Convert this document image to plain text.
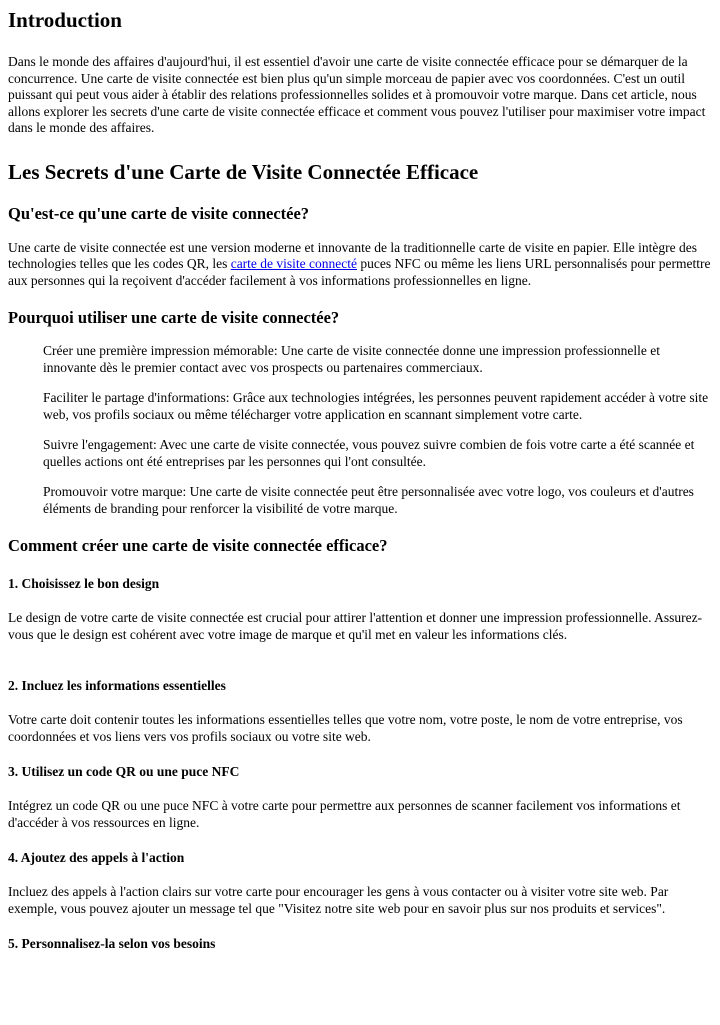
Introduction

Dans le monde des affaires d'aujourd'hui, il est essentiel d'avoir une carte de visite connectée efficace pour se démarquer de la concurrence. Une carte de visite connectée est bien plus qu'un simple morceau de papier avec vos coordonnées. C'est un outil puissant qui peut vous aider à établir des relations professionnelles solides et à promouvoir votre marque. Dans cet article, nous allons explorer les secrets d'une carte de visite connectée efficace et comment vous pouvez l'utiliser pour maximiser votre impact dans le monde des affaires.

Les Secrets d'une Carte de Visite Connectée Efficace
Qu'est-ce qu'une carte de visite connectée?

Une carte de visite connectée est une version moderne et innovante de la traditionnelle carte de visite en papier. Elle intègre des technologies telles que les codes QR, les carte de visite connecté puces NFC ou même les liens URL personnalisés pour permettre aux personnes qui la reçoivent d'accéder facilement à vos informations professionnelles en ligne.

Pourquoi utiliser une carte de visite connectée?
Créer une première impression mémorable: Une carte de visite connectée donne une impression professionnelle et innovante dès le premier contact avec vos prospects ou partenaires commerciaux.
Faciliter le partage d'informations: Grâce aux technologies intégrées, les personnes peuvent rapidement accéder à votre site web, vos profils sociaux ou même télécharger votre application en scannant simplement votre carte.
Suivre l'engagement: Avec une carte de visite connectée, vous pouvez suivre combien de fois votre carte a été scannée et quelles actions ont été entreprises par les personnes qui l'ont consultée.
Promouvoir votre marque: Une carte de visite connectée peut être personnalisée avec votre logo, vos couleurs et d'autres éléments de branding pour renforcer la visibilité de votre marque.
Comment créer une carte de visite connectée efficace?
1. Choisissez le bon design

Le design de votre carte de visite connectée est crucial pour attirer l'attention et donner une impression professionnelle. Assurez-vous que le design est cohérent avec votre image de marque et qu'il met en valeur les informations clés.

2. Incluez les informations essentielles

Votre carte doit contenir toutes les informations essentielles telles que votre nom, votre poste, le nom de votre entreprise, vos coordonnées et vos liens vers vos profils sociaux ou votre site web.

3. Utilisez un code QR ou une puce NFC

Intégrez un code QR ou une puce NFC à votre carte pour permettre aux personnes de scanner facilement vos informations et d'accéder à vos ressources en ligne.

4. Ajoutez des appels à l'action

Incluez des appels à l'action clairs sur votre carte pour encourager les gens à vous contacter ou à visiter votre site web. Par exemple, vous pouvez ajouter un message tel que "Visitez notre site web pour en savoir plus sur nos produits et services".

5. Personnalisez-la selon vos besoins
